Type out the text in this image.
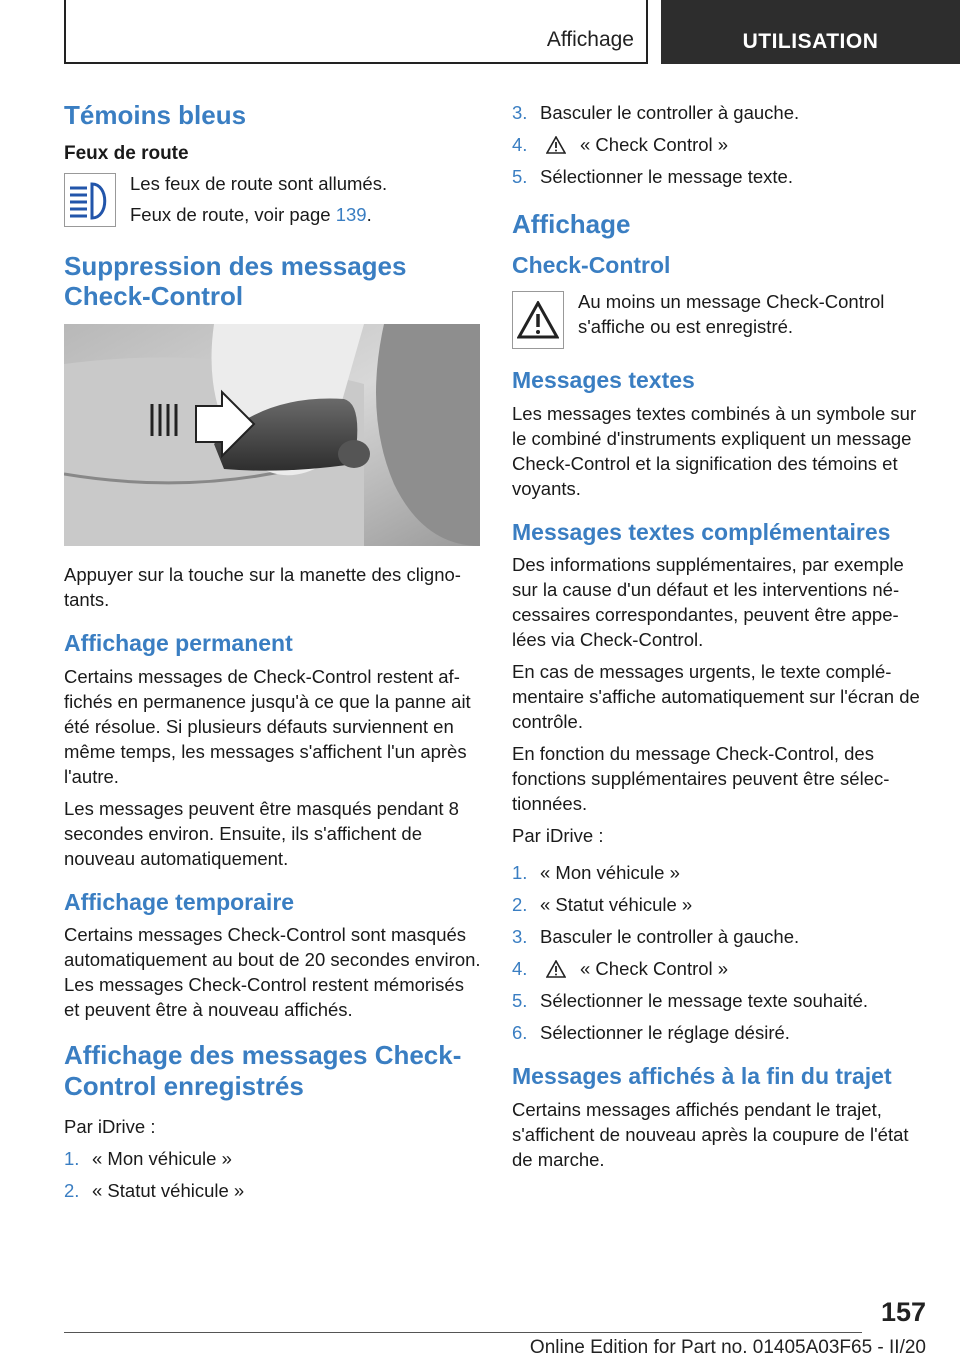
Affichage	UTILISATION
Témoins bleus
Feux de route

Les feux de route sont allumés.

Feux de route, voir page 139.

Suppression des messages Check-Control

Appuyer sur la touche sur la manette des clignotants.

Affichage permanent

Certains messages de Check-Control restent affichés en permanence jusqu'à ce que la panne ait été résolue. Si plusieurs défauts surviennent en même temps, les messages s'affichent l'un après l'autre.

Les messages peuvent être masqués pendant 8 secondes environ. Ensuite, ils s'affichent de nouveau automatiquement.

Affichage temporaire

Certains messages Check-Control sont masqués automatiquement au bout de 20 secondes environ. Les messages Check-Control restent mémorisés et peuvent être à nouveau affichés.

Affichage des messages Check-Control enregistrés

Par iDrive :

1. « Mon véhicule »
2. « Statut véhicule »
3. Basculer le controller à gauche.
4.	« Check Control »
5. Sélectionner le message texte.
Affichage
Check-Control

Au moins un message Check-Control s'affiche ou est enregistré.

Messages textes

Les messages textes combinés à un symbole sur le combiné d'instruments expliquent un message Check-Control et la signification des témoins et voyants.

Messages textes complémentaires

Des informations supplémentaires, par exemple sur la cause d'un défaut et les interventions nécessaires correspondantes, peuvent être appelées via Check-Control.

En cas de messages urgents, le texte complémentaire s'affiche automatiquement sur l'écran de contrôle.

En fonction du message Check-Control, des fonctions supplémentaires peuvent être sélectionnées.

Par iDrive :

1. « Mon véhicule »
2. « Statut véhicule »
3. Basculer le controller à gauche.
4.	« Check Control »
5. Sélectionner le message texte souhaité.
6. Sélectionner le réglage désiré.
Messages affichés à la fin du trajet

Certains messages affichés pendant le trajet, s'affichent de nouveau après la coupure de l'état de marche.

157
Online Edition for Part no. 01405A03F65 - II/20
